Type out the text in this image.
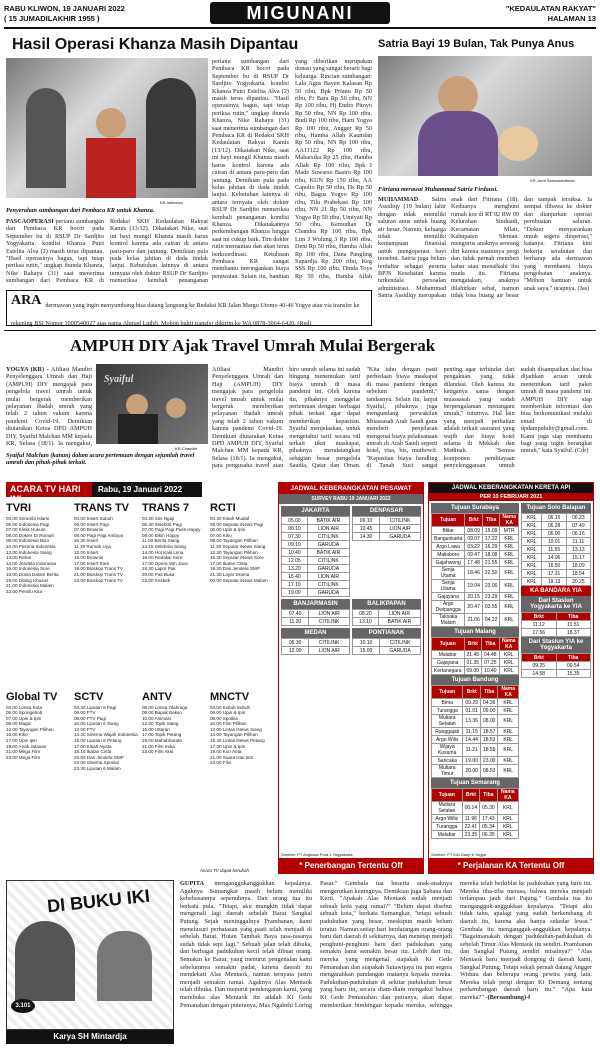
RABU KLIWON, 19 JANUARI 2022
( 15 JUMADILAKHIR 1955 )	MIGUNANI	"KEDAULATAN RAKYAT"
HALAMAN 13
Hasil Operasi Khanza Masih Dipantau
KR-Istimewa
Penyerahan sumbangan dari Pembaca KR untuk Khanza.
PASCAOPERASI perianu sumbangan dari Pembaca KR bocor pada September bu di RSUP Dr Sardjito Yogyakarta. kondisi Khanza Putri Estelita Alva (2) masih terus dipantau. "Hasil operasinya bagus, tapi tetap periksa rutin," ungkap ibunda Khanza, Nike Rahayu (31) saat menerima sumbangan dari Pembaca KR di Redaksi SKH Kedaulatan Rakyat Kamis (13/12). Dikatakan Nike, saat ini bayi mungil Khanza masih harus kontrol karena ada cairan di antara paru-paru dan jantung. Demikian pula pada kelas jahitan di dada tindak lanjut. Kebutuhan lainnya di antara ternyata oleh dokter RSUP Dr Sardjito memeriksa kembali penanganan
perianu sumbangan dari Pembaca KR bocor pada September bu di RSUP Dr Sardjito Yogyakarta. kondisi Khanza Putri Estelita Alva (2) masih terus dipantau. "Hasil operasinya bagus, tapi tetap periksa rutin," ungkap ibunda Khanza, Nike Rahayu (31) saat menerima sumbangan dari Pembaca KR di Redaksi SKH Kedaulatan Rakyat Kamis (13/12). Dikatakan Nike, saat ini bayi mungil Khanza masih harus kontrol karena ada cairan di antara paru-paru dan jantung. Demikian pula pada kelas jahitan di dada tindak lanjut. Kebutuhan lainnya di antara ternyata oleh dokter RSUP Dr Sardjito memeriksa kembali penanganan kondisi Khanza. Dikatakannya perkembangan Khanza hingga saat ini cukup baik. Tim dokter rutin memantau dan akan terus berkoordinasi. Ketulusan Pembaca KR sangat membantu meringankan biaya perawatan. Selain itu, bantuan yang diberikan merupakan donasi yang sangat berarti bagi keluarga. Rincian sumbangan: Lala Agus Bayen Kalasan Rp 50 ribu, Bpk Prianu Rp 50 ribu, Fr Bara Rp 50 ribu, NN Rp 100 ribu, Hj Endro Pitoyo Rp 50 ribu, NN Rp 100 ribu, Budi Rp 100 ribu, Harti Yogya Rp 100 ribu, Angger Rp 50 ribu, Hamba Allah Kaumfan Rp 50 ribu, NN Rp 100 ribu, AA11122 Rp 100 ribu, Maharsika Rp 25 ribu, Hamba Allah Rp 100 ribu, Bpk I Made Suwarso Basiro Rp 100 ribu, KUN Rp 150 ribu, AA Capolio Rp 50 ribu, Hs Rp 50 ribu, Bagus Yogyo Rp 100 ribu, Tilu Prabekasi Rp 100 ribu, NN 21 Rp 50 ribu, NN Yogya Rp 50 ribu, Umiyati Rp 50 ribu. Kemudian Dr Chandra Rp 100 ribu, Bpk Lim J Wulung 3 Rp 100 ribu, Deni Rp 50 ribu, Hamba Allah Rp 100 ribu, Dana Pangling Supardja Rp 200 ribu, Keg SSS Rp 100 ribu, Dinda Toys Rp 50 ribu, Hamba Allah
ARA dermawan yang ingin menyumbang bisa datang langsung ke Redaksi KR Jalan Margo Utomo 40-46 Yogya atau via transfer ke rekening BSI Nomor 1000540027 atas nama Ahmad Luthfi. Mohon bukti transfer dikirim ke WA 0878-3064-6420. (Red)
Satria Bayi 19 Bulan, Tak Punya Anus
KR-Jarot Sarwosambodo
Fitriana merawat Muhammad Satria Firdausi.
MUHAMMAD Satria Assidiqy (19 bulan) lahir dengan tidak memiliki saluran anus untuk buang air besar. Namun, keluarga tidak memiliki kemampuan finansial untuk mengoperasi bayi tersebut. Satria juga belum terdaftar sebagai peserta BPJS Kesehatan karena terkendala persoalan administrasi. Muhammad Satria Assidiqy merupakan anak dari Fitriana (18). Keduanya menghuni rumah kos di RT 02 RW 09 Kelurahan Sinduadi, Kecamatan Mlati, Kabupaten Sleman. mengurus anaknya seorang diri karena suaminya pergi dan tidak pernah memberi kabar atau menafkahi ibu muda itu. Fitriana mengatakan, anaknya dilahirkan sehat, namun tidak bisa buang air besar dan tampak tersiksa. Ia sempat dibawa ke dokter dan dianjurkan operasi pembuatan saluran. "Dokter menyarankan untuk segera dioperasi," katanya. Fitriana kini bekerja serabutan dan berharap ada dermawan yang membantu biaya pengobatan anaknya. "Mohon bantuan untuk anak saya," ucapnya. (Jas)
AMPUH DIY Ajak Travel Umrah Mulai Bergerak
Syaiful
KR-Chaeddr
Syaiful Malchan (kanan) dalam acara pertemuan dengan sejumlah travel umrah dan pihak-pihak terkait.
YOGYA (KR) - Afiliasi Mandiri Penyelenggara Umrah dan Haji (AMPUH) DIY mengajak para pengelola travel umrah untuk mulai bergerak memberikan pelayanan ibadah umrah yang telah 2 tahun vakum karena pandemi Covid-19. Demikian diutarakan Ketua DPD AMPUH DIY, Syaiful Malchan MM kepada KR, Selasa (18/1). Ia mengakui,
Afiliasi Mandiri Penyelenggara Umrah dan Haji (AMPUH) DIY mengajak para pengelola travel umrah untuk mulai bergerak memberikan pelayanan ibadah umrah yang telah 2 tahun vakum karena pandemi Covid-19. Demikian diutarakan Ketua DPD AMPUH DIY, Syaiful Malchan MM kepada KR, Selasa (18/1). Ia mengakui, para pengusaha travel atau biro umrah selama ini sudah bingung menentukan tarif biaya umrah di masa pandemi ini. Oleh karena itu, pihaknya menggelar pertemuan dengan berbagai pihak terkait agar dapat memberikan kepastian. Syaiful menjelaskan, untuk mengetahui tarif secara riil terkait tiket maskapai, pihaknya mendatangkan sebagian besar pengelola Saudia, Qatar dan Oman. "Kita tahu dengan pasti perbedaan biaya maskapai di masa pandemi dengan sebelum pandemi," tandasnya. Selain itu, lanjut Syaiful, pihaknya juga mengundang perwakilan Muassasah Arab Saudi guna memberi penjelasan mengenai biaya pelaksanaan umrah di Arab Saudi seperti hotel, visa, bis, muthowif. "Kepastian biaya handling di Tanah Suci sangat penting agar terhindar dari pengakuan yang tidak dilandasi. Oleh karena itu ketiganya sama dengan muassasah yang sudah berpengalaman menangani umrah," tuturnya. Hal lain yang menjadi perhatian adalah terkait asuransi yang wajib dan biaya hotel selama di Mekkah dan Madinah. "Semoa komponen pembiayaan penyelenggaraan umrah sudah disampaikan dan bisa dijadikan acuan untuk menentukan tarif paket umrah di masa pandemi ini. AMPUH DIY siap memberikan informasi dan bisa berkomunikasi melalui email di dpdampuhdiy@gmail.com. Kami juga siap membantu bagi yang ingin berangkat umrah," kata Syaiful. (Cdr)
ACARA TV HARI INI
Rabu, 19 Januari 2022
TVRI
04.00 Serambi Islami
05.00 Indonesia Pagi
07.00 Klinik Hukum
08.00 Dokter Di Rumah
09.00 Indonesia Bisa
10.00 Pesona Indonesia
12.00 Indonesia Siang
13.00 Rehat
14.00 Jendela Indonesia
16.00 Indonesia Sore
18.00 Dunia Dalam Berita
19.00 Dialog Khusus
21.00 Indonesia Malam
22.00 Pemilu Kita
TRANS TV
04.00 Insert Subuh
06.00 Insert Pagi
07.00 Brownis
08.00 Pagi Pagi Ambyar
10.30 Insert
11.30 Rumah Uya
13.00 Insert
15.00 Brownis
17.00 Insert Sore
19.00 Bioskop Trans TV
21.00 Bioskop Trans TV
23.00 Bioskop Trans TV
TRANS 7
04.30 Sini Ngaji
05.30 Selebriti Pagi
07.00 Pagi Pagi Pasti Happy
09.00 Bikin Happy
11.00 Berita Siang
13.15 Selebrita Siang
14.00 Hot Kaki Lima
16.00 Redaksi Sore
17.00 Opera Van Java
18.30 Lapor Pak
20.00 Pas Buka
22.00 Kesbek
RCTI
04.30 Kisah Mualaf
05.00 Seputar iNews Pagi
06.00 Upin & Ipin
07.00 Kiko
08.00 Tayangan Pilihan
11.30 Seputar iNews Siang
12.30 Tayangan Pilihan
16.30 Seputar iNews Sore
17.00 Ikatan Cinta
19.30 Dari Jendela SMP
21.30 Layar Drama
00.00 Seputar iNews Malam
Global TV
04.00 Lensa Kota
05.00 Spongebob
07.00 Upin & Ipin
09.00 Magic
12.00 Tayangan Pilihan
15.00 Kiko
17.00 Upin Ipin
19.00 Anak Jalanan
21.00 Mega Film
23.00 Mega Film
SCTV
04.30 Liputan 6 Pagi
06.00 FTV
08.00 FTV Pagi
10.00 Liputan 6 Siang
12.00 FTV
14.30 Sinema Wajah Indonesia
16.00 Liputan 6 Petang
17.00 Kisah Nyata
18.15 Ikatan Cinta
20.00 Dari Jendela SMP
22.00 Sinema Spesial
23.30 Liputan 6 Malam
ANTV
06.00 Lensa Olahraga
08.00 Bapak Bakso
10.00 Animasi
12.00 Topik Siang
15.00 Uttaran
17.00 Topik Petang
19.00 Mahabharata
21.00 Film India
23.00 Film Aksi
MNCTV
04.00 Kuliah Subuh
06.00 Upin & Ipin
08.00 Spotlite
10.00 Film Pilihan
12.00 Lintas iNews Siang
14.00 Tayangan Pilihan
16.30 Lintas iNews Petang
17.30 Upin & Ipin
19.00 Kun Anta
21.00 Suara Hati Istri
23.00 Film
Acara TV dapat berubah
JADWAL KEBERANGKATAN PESAWAT
SURVEY RABU 19 JANUARI 2022
JAKARTA
05.00	BATIK AIR
06.10	LION AIR
07.30	CITILINK
09.10	GARUDA
10.40	BATIK AIR
12.05	CITILINK
13.20	GARUDA
15.40	LION AIR
17.10	CITILINK
19.00	GARUDA
DENPASAR
06.10	CITILINK
10.45	LION AIR
14.30	GARUDA
BANJARMASIN
07.40	LION AIR
11.20	CITILINK
BALIKPAPAN
08.20	LION AIR
13.10	BATIK AIR
MEDAN
06.30	CITILINK
12.00	LION AIR
PONTIANAK
10.10	CITILINK
15.00	GARUDA
Sumber: PT Angkasa Pura 1 Yogyakarta
* Penerbangan Tertentu Off
JADWAL KEBERANGKATAN KERETA API
PER 10 FEBRUARI 2021
Tujuan Surabaya
Tujuan	Brkt	Tiba	Nama KA
Blitar	08.09	15.09	MTR
Bangunkarta	09.07	17.22	KRL
Argo Lawu	03.22	16.29	KRL
Malioboro	09.47	18.08	KRL
Gajahwong	17.48	21.55	KRL
Senja Utama	18.46	22.50	KRL
Senja Utama	19.04	23.00	KRL
Gajayana	20.15	23.29	KRL
Argo Dwipangga	20.47	03.55	KRL
Taksaka Malam	21.06	04.22	KRL
Tujuan Malang
Tujuan	Brkt	Tiba	Nama KA
Malabar	21.45	04.48	KRL
Gajayana	01.35	07.25	KRL
Kertanegara	09.00	10.40	KRL
Tujuan Bandung
Tujuan	Brkt	Tiba	Nama KA
Bima	09.29	04.36	KRL
Turangga	01.01	09.00	KRL
Mutiara Selatan	13.36	08.00	KRL
Ranggajati	11.15	18.57	KRL
Argo Wilis	14.44	18.53	KRL
Wijaya Kusuma	11.21	18.59	KRL
Sancaka	19.00	23.00	KRL
Mutiara Timur	20.00	08.53	KRL
Tujuan Semarang
Tujuan	Brkt	Tiba	Nama KA
Mutiara Selatan	00.14	05.30	KRL
Argo Wilis	11.96	17.43	KRL
Turangga	22.41	05.34	KRL
Malabar	23.35	06.35	KRL
Tujuan Solo Balapan
KRL	06.15	06.23
KRL	06.28	07.49
KRL	06.00	06.16
KRL	10.01	11.11
KRL	11.55	13.13
KRL	14.06	15.17
KRL	16.50	18.09
KRL	17.31	18.54
KRL	19.13	20.25
KA BANDARA YIA
Dari Stasiun Yogyakarta ke YIA
Brkt	Tiba
11.12	11.51
17.56	18.37
Dari Stasiun YIA ke Yogyakarta
Brkt	Tiba
09.25	09.54
14.58	15.35
Sumber: PT KAI Daop 6 Yogya
* Perjalanan KA Tertentu Off
DI BUKU IKI
3.101
Karya SH Mintardja
GUPITA menganggukanggukkan kepalanya. Agaknya Sumangkar masih belum memiliki kebebasannya sepenuhnya. Dan orang tua itu berkata pula, "Tetapi, aku mungkin tidak dapat mengenali lagi daerah sebelah Barat Sangkal Putung. Sejak meninggalnya Prambanan, kami menelusuri perbatasan yang pasti telah menjadi di sebelah Barat. Hutan Tambak Baya rasa-rasanya sudah tidak sepi lagi." Sebuah jalan telah dibuka, dan berbagai padukuhan kecil telah dibuat orang. Semakin ke Barat, yang menurut pengenalan kami sebelumnya semakin padat, karena daerah itu mendekati Alas Mentaok, namun ternyata justru menjadi semakin ramai. Agaknya Alas Mentaok telah dibuka. Dan menurut pendengaran kami, yang membuka alas Mentaok itu adalah Ki Gede Pemanahan dengan puteranya, Mas Ngabehi Loring Pasar." Gembala tua beserta anak-anaknya mengerutkan keningnya. Demikian juga Sabana dan Kerti. "Apakah Alas Mentaok sudah menjadi sebuah kota yang ramai?" "Belum dapat disebut sebuah kota," berkata Sumangkar, "tetapi sebuah padukuhan yang besar, meskipun masih belum teratur. Namun setiap hari berdatangan orang-orang baru dari daerah di sekitarnya, dan menetap menjadi penghuni-penghuni baru dari padukuhan yang semakin lama semakin besar itu. Lebih dari itu, mereka yang mengenal siapakah Ki Gede Pemanahan dan siapakah Sutawijaya itu pun segera mengarahkan pandangan matanya kepada mereka. Padukuhan-padukuhan di sekitar padukuhan besar yang baru itu, secara diam-diam mengakui bahwa Ki Gede Pemanahan dan putranya, akan dapat memberikan bimbingan kepada mereka, sehingga mereka telah berkiblat ke padukuhan yang baru itu. Mereka tiba-tiba merasa, bahwa mereka menjadi terlampau jauh dari Pajang." Gembala tua itu mengangguk-anggukkan kepalanya. "Tetapi aku tidak tahu, apalagi yang sudah berkembang di daerah itu, karena aku hanya sekedar lewat." Gembala itu mengangguk-anggukkan kepalanya. "Bagaimanakah dengan padukuhan-padukuhan di sebelah Timur Alas Mentaok itu sendiri. Prambanan dan Sangkal Putung sendiri misalnya?" "Alas Mentaok baru menjadi dongeng di daerah kami, Sangkal Putung. Tetapi sekali pernah datang Angger Widura dan beberapa orang pewira yang lain. Mereka telah pergi dengan Ki Demang tentang perkembangan daerah baru itu." "Apa kata mereka?" -(Bersambung)-f
